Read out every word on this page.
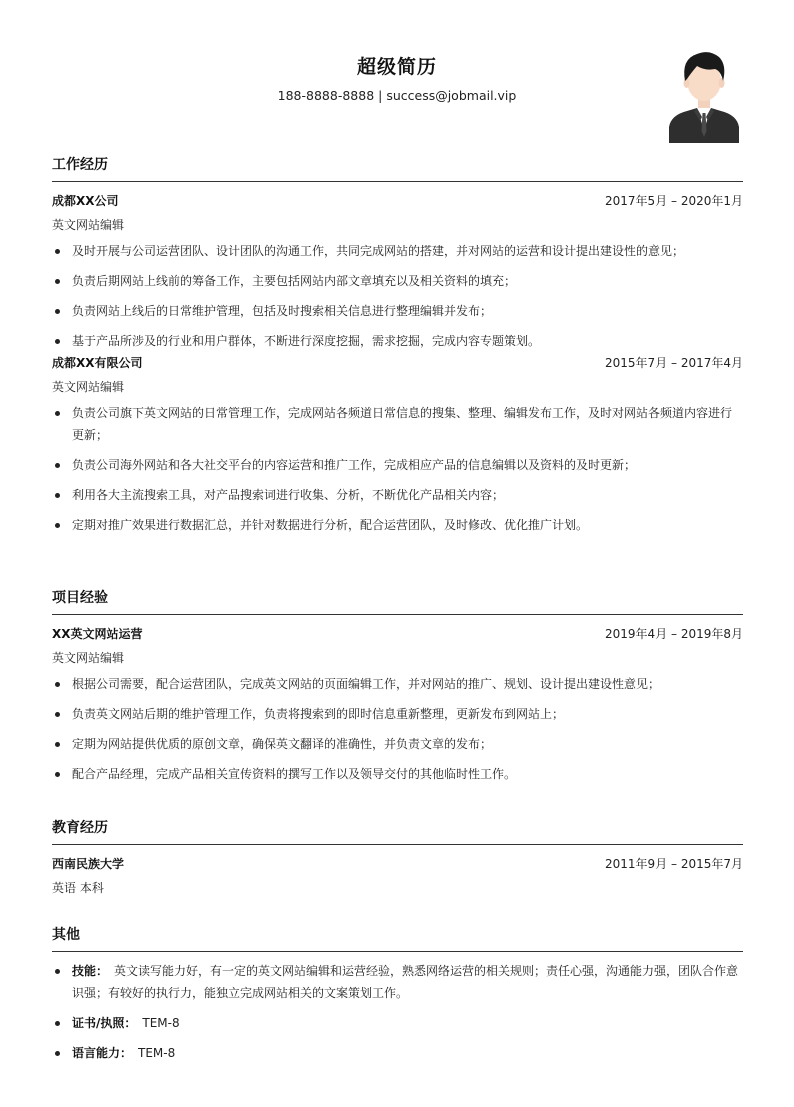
超级简历
188-8888-8888 | success@jobmail.vip
工作经历
成都XX公司	2017年5月 – 2020年1月
英文网站编辑
及时开展与公司运营团队、设计团队的沟通工作，共同完成网站的搭建，并对网站的运营和设计提出建设性的意见；
负责后期网站上线前的筹备工作，主要包括网站内部文章填充以及相关资料的填充；
负责网站上线后的日常维护管理，包括及时搜索相关信息进行整理编辑并发布；
基于产品所涉及的行业和用户群体，不断进行深度挖掘，需求挖掘，完成内容专题策划。
成都XX有限公司	2015年7月 – 2017年4月
英文网站编辑
负责公司旗下英文网站的日常管理工作，完成网站各频道日常信息的搜集、整理、编辑发布工作，及时对网站各频道内容进行更新；
负责公司海外网站和各大社交平台的内容运营和推广工作，完成相应产品的信息编辑以及资料的及时更新；
利用各大主流搜索工具，对产品搜索词进行收集、分析，不断优化产品相关内容；
定期对推广效果进行数据汇总，并针对数据进行分析，配合运营团队，及时修改、优化推广计划。
项目经验
XX英文网站运营	2019年4月 – 2019年8月
英文网站编辑
根据公司需要，配合运营团队，完成英文网站的页面编辑工作，并对网站的推广、规划、设计提出建设性意见；
负责英文网站后期的维护管理工作，负责将搜索到的即时信息重新整理，更新发布到网站上；
定期为网站提供优质的原创文章，确保英文翻译的准确性，并负责文章的发布；
配合产品经理，完成产品相关宣传资料的撰写工作以及领导交付的其他临时性工作。
教育经历
西南民族大学	2011年9月 – 2015年7月
英语 本科
其他
技能： 英文读写能力好，有一定的英文网站编辑和运营经验，熟悉网络运营的相关规则；责任心强，沟通能力强，团队合作意识强；有较好的执行力，能独立完成网站相关的文案策划工作。
证书/执照： TEM-8
语言能力： TEM-8
